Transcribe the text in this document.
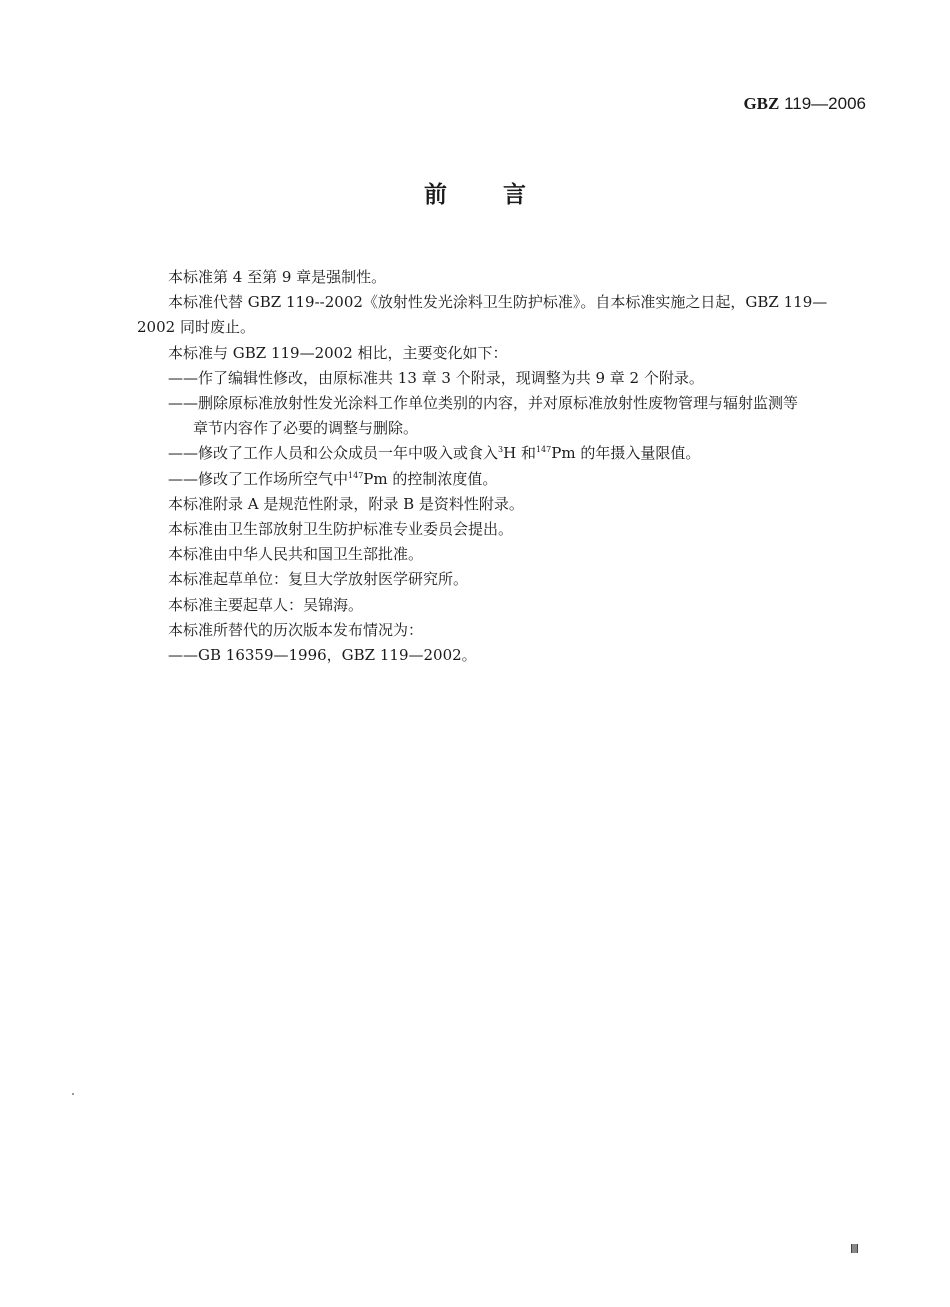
GBZ 119—2006
前言

本标准第 4 至第 9 章是强制性。

本标准代替 GBZ 119--2002《放射性发光涂料卫生防护标准》。自本标准实施之日起，GBZ 119—

2002 同时废止。

本标准与 GBZ 119—2002 相比，主要变化如下：

——作了编辑性修改，由原标准共 13 章 3 个附录，现调整为共 9 章 2 个附录。

——删除原标准放射性发光涂料工作单位类别的内容，并对原标准放射性废物管理与辐射监测等
章节内容作了必要的调整与删除。

——修改了工作人员和公众成员一年中吸入或食入$^3$H 和$^{147}$Pm 的年摄入量限值。

——修改了工作场所空气中$^{147}$Pm 的控制浓度值。

本标准附录 A 是规范性附录，附录 B 是资料性附录。

本标准由卫生部放射卫生防护标准专业委员会提出。

本标准由中华人民共和国卫生部批准。

本标准起草单位：复旦大学放射医学研究所。

本标准主要起草人：吴锦海。

本标准所替代的历次版本发布情况为：

——GB 16359—1996，GBZ 119—2002。
